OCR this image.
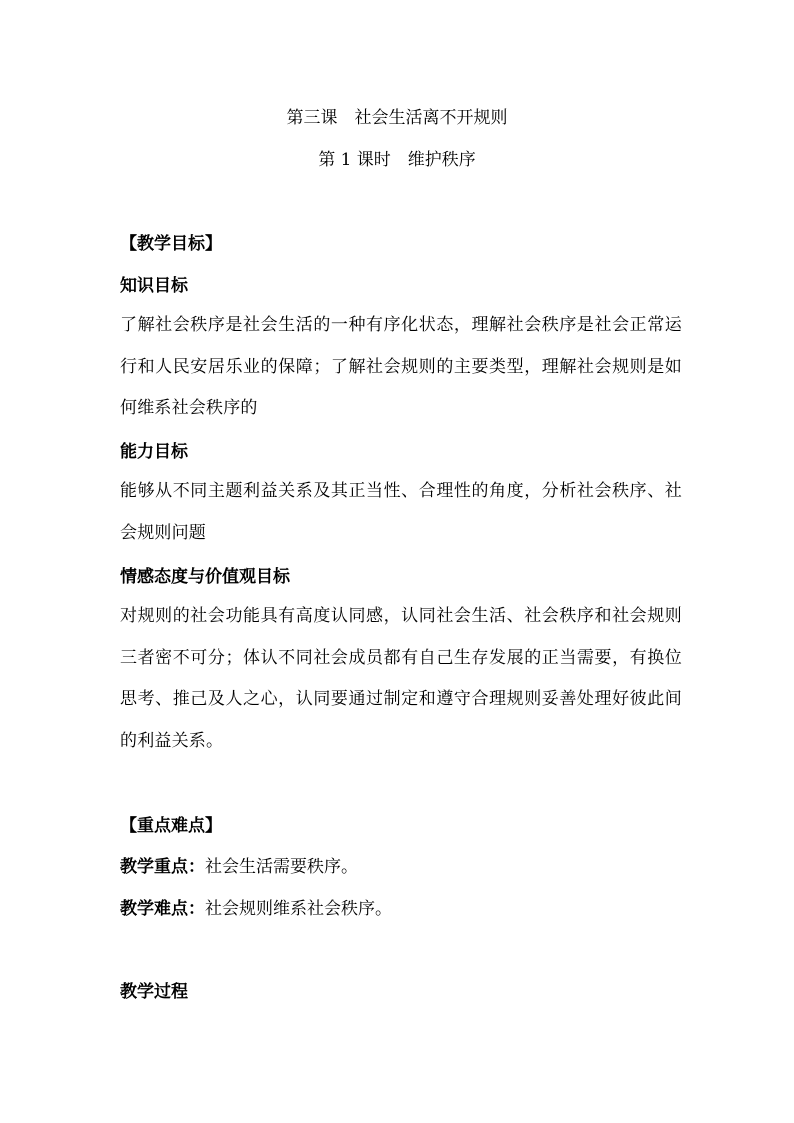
第三课　社会生活离不开规则
第 1 课时　维护秩序
【教学目标】
知识目标
了解社会秩序是社会生活的一种有序化状态，理解社会秩序是社会正常运行和人民安居乐业的保障；了解社会规则的主要类型，理解社会规则是如何维系社会秩序的
能力目标
能够从不同主题利益关系及其正当性、合理性的角度，分析社会秩序、社会规则问题
情感态度与价值观目标
对规则的社会功能具有高度认同感，认同社会生活、社会秩序和社会规则三者密不可分；体认不同社会成员都有自己生存发展的正当需要，有换位思考、推己及人之心，认同要通过制定和遵守合理规则妥善处理好彼此间的利益关系。
【重点难点】
教学重点：社会生活需要秩序。
教学难点：社会规则维系社会秩序。
教学过程
